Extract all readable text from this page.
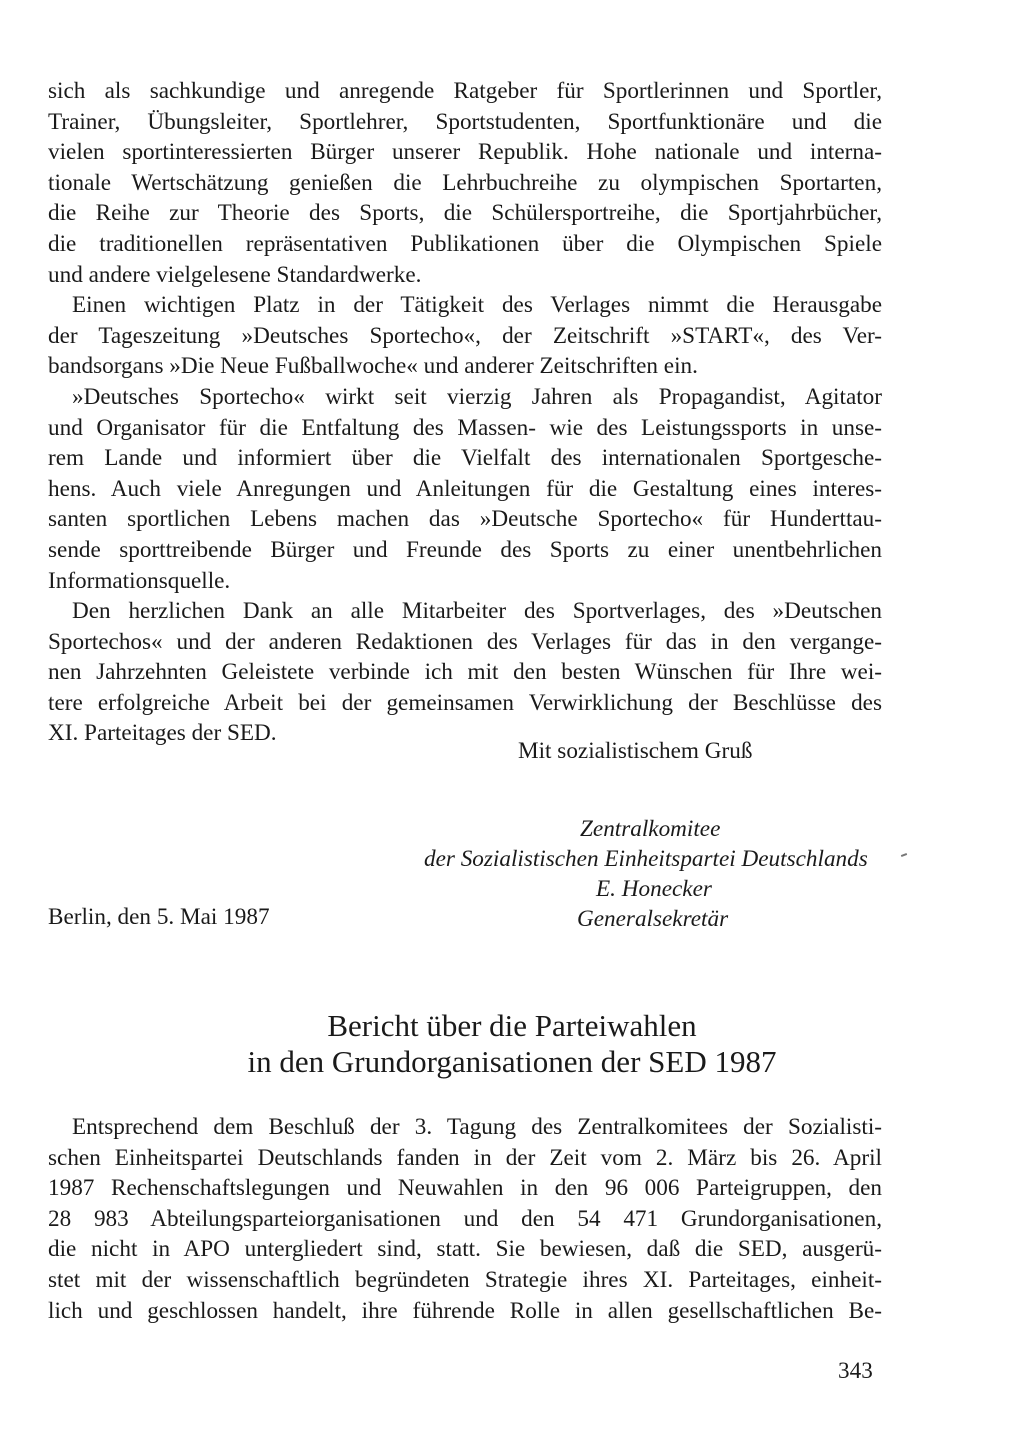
sich als sachkundige und anregende Ratgeber für Sportlerinnen und Sportler,
Trainer, Übungsleiter, Sportlehrer, Sportstudenten, Sportfunktionäre und die
vielen sportinteressierten Bürger unserer Republik. Hohe nationale und interna-
tionale Wertschätzung genießen die Lehrbuchreihe zu olympischen Sportarten,
die Reihe zur Theorie des Sports, die Schülersportreihe, die Sportjahrbücher,
die traditionellen repräsentativen Publikationen über die Olympischen Spiele
und andere vielgelesene Standardwerke.
Einen wichtigen Platz in der Tätigkeit des Verlages nimmt die Herausgabe
der Tageszeitung »Deutsches Sportecho«, der Zeitschrift »START«, des Ver-
bandsorgans »Die Neue Fußballwoche« und anderer Zeitschriften ein.
»Deutsches Sportecho« wirkt seit vierzig Jahren als Propagandist, Agitator
und Organisator für die Entfaltung des Massen- wie des Leistungssports in unse-
rem Lande und informiert über die Vielfalt des internationalen Sportgesche-
hens. Auch viele Anregungen und Anleitungen für die Gestaltung eines interes-
santen sportlichen Lebens machen das »Deutsche Sportecho« für Hunderttau-
sende sporttreibende Bürger und Freunde des Sports zu einer unentbehrlichen
Informationsquelle.
Den herzlichen Dank an alle Mitarbeiter des Sportverlages, des »Deutschen
Sportechos« und der anderen Redaktionen des Verlages für das in den vergange-
nen Jahrzehnten Geleistete verbinde ich mit den besten Wünschen für Ihre wei-
tere erfolgreiche Arbeit bei der gemeinsamen Verwirklichung der Beschlüsse des
XI. Parteitages der SED.
Mit sozialistischem Gruß
Zentralkomitee
der Sozialistischen Einheitspartei Deutschlands
E. Honecker
Generalsekretär
Berlin, den 5. Mai 1987
Bericht über die Parteiwahlen
in den Grundorganisationen der SED 1987
Entsprechend dem Beschluß der 3. Tagung des Zentralkomitees der Sozialisti-
schen Einheitspartei Deutschlands fanden in der Zeit vom 2. März bis 26. April
1987 Rechenschaftslegungen und Neuwahlen in den 96 006 Parteigruppen, den
28 983 Abteilungsparteiorganisationen und den 54 471 Grundorganisationen,
die nicht in APO untergliedert sind, statt. Sie bewiesen, daß die SED, ausgerü-
stet mit der wissenschaftlich begründeten Strategie ihres XI. Parteitages, einheit-
lich und geschlossen handelt, ihre führende Rolle in allen gesellschaftlichen Be-
343
